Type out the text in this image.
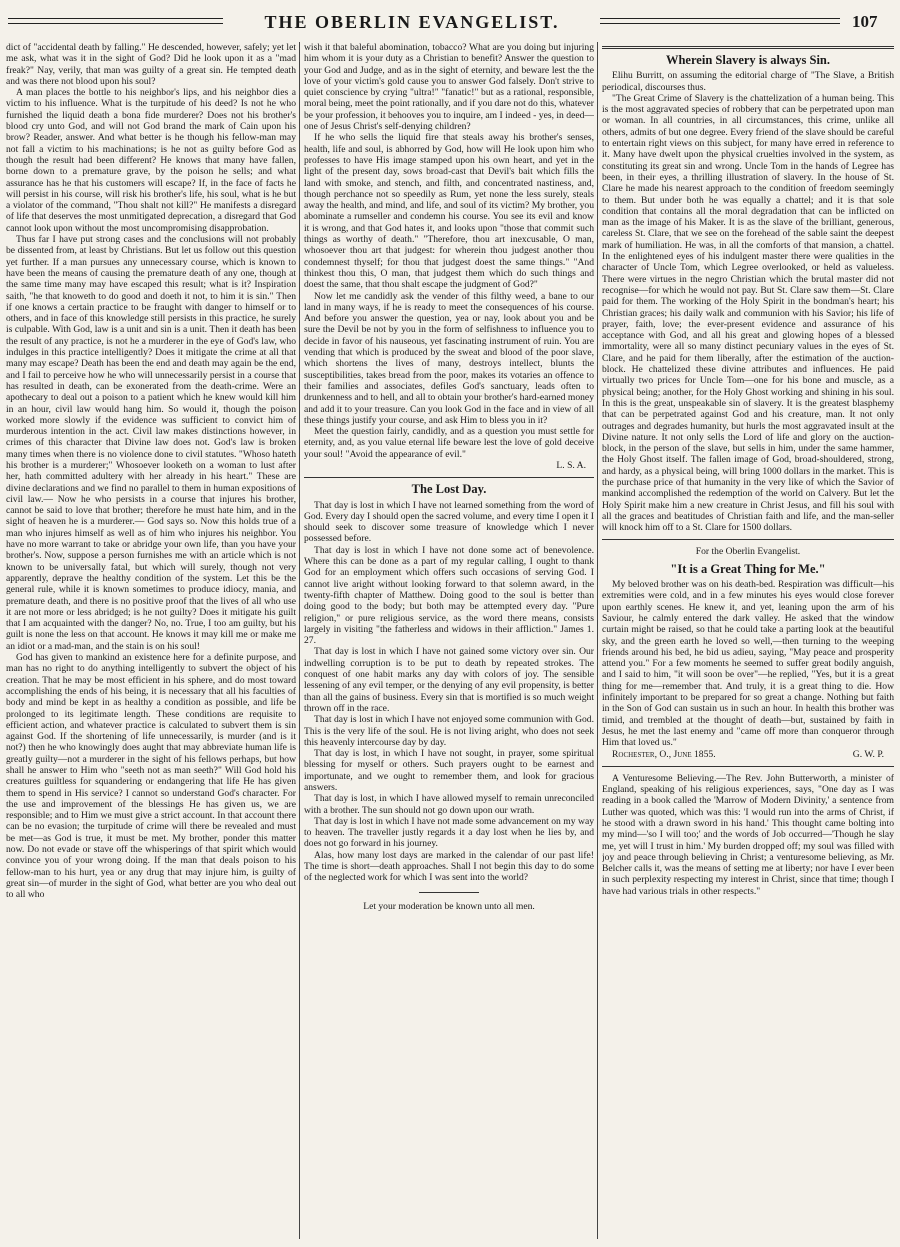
THE OBERLIN EVANGELIST.	107

dict of "accidental death by falling." He descended, however, safely; yet let me ask, what was it in the sight of God? Did he look upon it as a "mad freak?" Nay, verily, that man was guilty of a great sin. He tempted death and was there not blood upon his soul?

A man places the bottle to his neighbor's lips, and his neighbor dies a victim to his influence. What is the turpitude of his deed? Is not he who furnished the liquid death a bona fide murderer? Does not his brother's blood cry unto God, and will not God brand the mark of Cain upon his brow? Reader, answer. And what better is he though his fellow-man may not fall a victim to his machinations; is he not as guilty before God as though the result had been different? He knows that many have fallen, borne down to a premature grave, by the poison he sells; and what assurance has he that his customers will escape? If, in the face of facts he will persist in his course, will risk his brother's life, his soul, what is he but a violator of the command, "Thou shalt not kill?" He manifests a disregard of life that deserves the most unmitigated deprecation, a disregard that God cannot look upon without the most uncompromising disapprobation.

Thus far I have put strong cases and the conclusions will not probably be dissented from, at least by Christians. But let us follow out this question yet further. If a man pursues any unnecessary course, which is known to have been the means of causing the premature death of any one, though at the same time many may have escaped this result; what is it? Inspiration saith, "he that knoweth to do good and doeth it not, to him it is sin." Then if one knows a certain practice to be fraught with danger to himself or to others, and in face of this knowledge still persists in this practice, he surely is culpable. With God, law is a unit and sin is a unit. Then it death has been the result of any practice, is not he a murderer in the eye of God's law, who indulges in this practice intelligently? Does it mitigate the crime at all that many may escape? Death has been the end and death may again be the end, and I fail to perceive how he who will unnecessarily persist in a course that has resulted in death, can be exonerated from the death-crime. Were an apothecary to deal out a poison to a patient which he knew would kill him in an hour, civil law would hang him. So would it, though the poison worked more slowly if the evidence was sufficient to convict him of murderous intention in the act. Civil law makes distinctions however, in crimes of this character that Divine law does not. God's law is broken many times when there is no violence done to civil statutes. "Whoso hateth his brother is a murderer;" Whosoever looketh on a woman to lust after her, hath committed adultery with her already in his heart." These are divine declarations and we find no parallel to them in human expositions of civil law.— Now he who persists in a course that injures his brother, cannot be said to love that brother; therefore he must hate him, and in the sight of heaven he is a murderer.— God says so. Now this holds true of a man who injures himself as well as of him who injures his neighbor. You have no more warrant to take or abridge your own life, than you have your brother's. Now, suppose a person furnishes me with an article which is not known to be universally fatal, but which will surely, though not very apparently, deprave the healthy condition of the system. Let this be the general rule, while it is known sometimes to produce idiocy, mania, and premature death, and there is no positive proof that the lives of all who use it are not more or less abridged; is he not guilty? Does it mitigate his guilt that I am acquainted with the danger? No, no. True, I too am guilty, but his guilt is none the less on that account. He knows it may kill me or make me an idiot or a mad-man, and the stain is on his soul!

God has given to mankind an existence here for a definite purpose, and man has no right to do anything intelligently to subvert the object of his creation. That he may be most efficient in his sphere, and do most toward accomplishing the ends of his being, it is necessary that all his faculties of body and mind be kept in as healthy a condition as possible, and life be prolonged to its legitimate length. These conditions are requisite to efficient action, and whatever practice is calculated to subvert them is sin against God. If the shortening of life unnecessarily, is murder (and is it not?) then he who knowingly does aught that may abbreviate human life is greatly guilty—not a murderer in the sight of his fellows perhaps, but how shall he answer to Him who "seeth not as man seeth?" Will God hold his creatures guiltless for squandering or endangering that life He has given them to spend in His service? I cannot so understand God's character. For the use and improvement of the blessings He has given us, we are responsible; and to Him we must give a strict account. In that account there can be no evasion; the turpitude of crime will there be revealed and must be met—as God is true, it must be met. My brother, ponder this matter now. Do not evade or stave off the whisperings of that spirit which would convince you of your wrong doing. If the man that deals poison to his fellow-man to his hurt, yea or any drug that may injure him, is guilty of great sin—of murder in the sight of God, what better are you who deal out to all who

wish it that baleful abomination, tobacco? What are you doing but injuring him whom it is your duty as a Christian to benefit? Answer the question to your God and Judge, and as in the sight of eternity, and beware lest the the love of your victim's gold cause you to answer God falsely. Don't strive to quiet conscience by crying "ultra!" "fanatic!" but as a rational, responsible, moral being, meet the point rationally, and if you dare not do this, whatever be your profession, it behooves you to inquire, am I indeed - yes, in deed—one of Jesus Christ's self-denying children?

If he who sells the liquid fire that steals away his brother's senses, health, life and soul, is abhorred by God, how will He look upon him who professes to have His image stamped upon his own heart, and yet in the light of the present day, sows broad-cast that Devil's bait which fills the land with smoke, and stench, and filth, and concentrated nastiness, and, though perchance not so speedily as Rum, yet none the less surely, steals away the health, and mind, and life, and soul of its victim? My brother, you abominate a rumseller and condemn his course. You see its evil and know it is wrong, and that God hates it, and looks upon "those that commit such things as worthy of death." "Therefore, thou art inexcusable, O man, whosoever thou art that judgest: for wherein thou judgest another thou condemnest thyself; for thou that judgest doest the same things." "And thinkest thou this, O man, that judgest them which do such things and doest the same, that thou shalt escape the judgment of God?"

Now let me candidly ask the vender of this filthy weed, a bane to our land in many ways, if he is ready to meet the consequences of his course. And before you answer the question, yea or nay, look about you and be sure the Devil be not by you in the form of selfishness to influence you to decide in favor of his nauseous, yet fascinating instrument of ruin. You are vending that which is produced by the sweat and blood of the poor slave, which shortens the lives of many, destroys intellect, blunts the susceptibilities, takes bread from the poor, makes its votaries an offence to their families and associates, defiles God's sanctuary, leads often to drunkenness and to hell, and all to obtain your brother's hard-earned money and add it to your treasure. Can you look God in the face and in view of all these things justify your course, and ask Him to bless you in it?

Meet the question fairly, candidly, and as a question you must settle for eternity, and, as you value eternal life beware lest the love of gold deceive your soul! "Avoid the appearance of evil."

L. S. A.
The Lost Day.

That day is lost in which I have not learned something from the word of God. Every day I should open the sacred volume, and every time I open it I should seek to discover some treasure of knowledge which I never possessed before.

That day is lost in which I have not done some act of benevolence. Where this can be done as a part of my regular calling, I ought to thank God for an employment which offers such occasions of serving God. I cannot live aright without looking forward to that solemn award, in the twenty-fifth chapter of Matthew. Doing good to the soul is better than doing good to the body; but both may be attempted every day. "Pure religion," or pure religious service, as the word there means, consists largely in visiting "the fatherless and widows in their affliction." James 1. 27.

That day is lost in which I have not gained some victory over sin. Our indwelling corruption is to be put to death by repeated strokes. The conquest of one habit marks any day with colors of joy. The sensible lessening of any evil temper, or the denying of any evil propensity, is better than all the gains of business. Every sin that is mortified is so much weight thrown off in the race.

That day is lost in which I have not enjoyed some communion with God. This is the very life of the soul. He is not living aright, who does not seek this heavenly intercourse day by day.

That day is lost, in which I have not sought, in prayer, some spiritual blessing for myself or others. Such prayers ought to be earnest and importunate, and we ought to remember them, and look for gracious answers.

That day is lost, in which I have allowed myself to remain unreconciled with a brother. The sun should not go down upon our wrath.

That day is lost in which I have not made some advancement on my way to heaven. The traveller justly regards it a day lost when he lies by, and does not go forward in his journey.

Alas, how many lost days are marked in the calendar of our past life! The time is short—death approaches. Shall I not begin this day to do some of the neglected work for which I was sent into the world?

Let your moderation be known unto all men.
Wherein Slavery is always Sin.

Elihu Burritt, on assuming the editorial charge of "The Slave, a British periodical, discourses thus.

"The Great Crime of Slavery is the chattelization of a human being. This is the most aggravated species of robbery that can be perpetrated upon man or woman. In all countries, in all circumstances, this crime, unlike all others, admits of but one degree. Every friend of the slave should be careful to entertain right views on this subject, for many have erred in reference to it. Many have dwelt upon the physical cruelties involved in the system, as constituting its great sin and wrong. Uncle Tom in the hands of Legree has been, in their eyes, a thrilling illustration of slavery. In the house of St. Clare he made his nearest approach to the condition of freedom seemingly to them. But under both he was equally a chattel; and it is that sole condition that contains all the moral degradation that can be inflicted on man as the image of his Maker. It is as the slave of the brilliant, generous, careless St. Clare, that we see on the forehead of the sable saint the deepest mark of humiliation. He was, in all the comforts of that mansion, a chattel. In the enlightened eyes of his indulgent master there were qualities in the character of Uncle Tom, which Legree overlooked, or held as valueless. There were virtues in the negro Christian which the brutal master did not recognise—for which he would not pay. But St. Clare saw them—St. Clare paid for them. The working of the Holy Spirit in the bondman's heart; his Christian graces; his daily walk and communion with his Savior; his life of prayer, faith, love; the ever-present evidence and assurance of his acceptance with God, and all his great and glowing hopes of a blessed immortality, were all so many distinct pecuniary values in the eyes of St. Clare, and he paid for them liberally, after the estimation of the auction-block. He chattelized these divine attributes and influences. He paid virtually two prices for Uncle Tom—one for his bone and muscle, as a physical being; another, for the Holy Ghost working and shining in his soul. In this is the great, unspeakable sin of slavery. It is the greatest blasphemy that can be perpetrated against God and his creature, man. It not only outrages and degrades humanity, but hurls the most aggravated insult at the Divine nature. It not only sells the Lord of life and glory on the auction-block, in the person of the slave, but sells in him, under the same hammer, the Holy Ghost itself. The fallen image of God, broad-shouldered, strong, and hardy, as a physical being, will bring 1000 dollars in the market. This is the purchase price of that humanity in the very like of which the Savior of mankind accomplished the redemption of the world on Calvery. But let the Holy Spirit make him a new creature in Christ Jesus, and fill his soul with all the graces and beatitudes of Christian faith and life, and the man-seller will knock him off to a St. Clare for 1500 dollars.

For the Oberlin Evangelist.
"It is a Great Thing for Me."

My beloved brother was on his death-bed. Respiration was difficult—his extremities were cold, and in a few minutes his eyes would close forever upon earthly scenes. He knew it, and yet, leaning upon the arm of his Saviour, he calmly entered the dark valley. He asked that the window curtain might be raised, so that he could take a parting look at the beautiful sky, and the green earth he loved so well,—then turning to the weeping friends around his bed, he bid us adieu, saying, "May peace and prosperity attend you." For a few moments he seemed to suffer great bodily anguish, and I said to him, "it will soon be over"—he replied, "Yes, but it is a great thing for me—remember that. And truly, it is a great thing to die. How infinitely important to be prepared for so great a change. Nothing but faith in the Son of God can sustain us in such an hour. In health this brother was timid, and trembled at the thought of death—but, sustained by faith in Jesus, he met the last enemy and "came off more than conqueror through Him that loved us."

Rochester, O., June 1855.	G. W. P.

A Venturesome Believing.—The Rev. John Butterworth, a minister of England, speaking of his religious experiences, says, "One day as I was reading in a book called the 'Marrow of Modern Divinity,' a sentence from Luther was quoted, which was this: 'I would run into the arms of Christ, if he stood with a drawn sword in his hand.' This thought came bolting into my mind—'so I will too;' and the words of Job occurred—'Though he slay me, yet will I trust in him.' My burden dropped off; my soul was filled with joy and peace through believing in Christ; a venturesome believing, as Mr. Belcher calls it, was the means of setting me at liberty; nor have I ever been in such perplexity respecting my interest in Christ, since that time; though I have had various trials in other respects."
